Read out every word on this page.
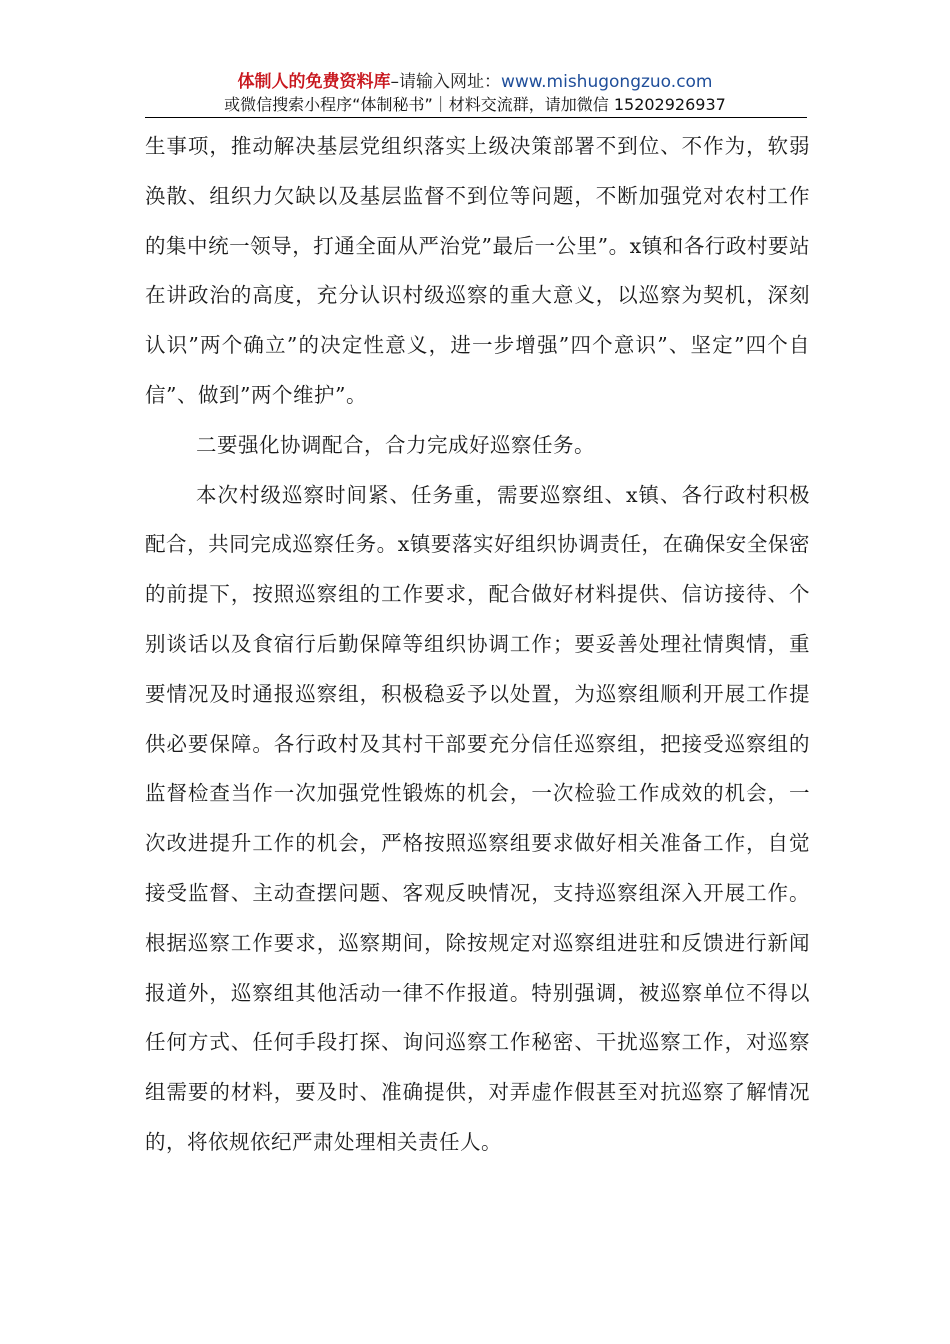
体制人的免费资料库–请输入网址：www.mishugongzuo.com
或微信搜索小程序“体制秘书”｜材料交流群，请加微信 15202926937

生事项，推动解决基层党组织落实上级决策部署不到位、不作为，软弱涣散、组织力欠缺以及基层监督不到位等问题，不断加强党对农村工作的集中统一领导，打通全面从严治党”最后一公里”。x镇和各行政村要站在讲政治的高度，充分认识村级巡察的重大意义，以巡察为契机，深刻认识”两个确立”的决定性意义，进一步增强”四个意识”、坚定”四个自信”、做到”两个维护”。

二要强化协调配合，合力完成好巡察任务。

本次村级巡察时间紧、任务重，需要巡察组、x镇、各行政村积极配合，共同完成巡察任务。x镇要落实好组织协调责任，在确保安全保密的前提下，按照巡察组的工作要求，配合做好材料提供、信访接待、个别谈话以及食宿行后勤保障等组织协调工作；要妥善处理社情舆情，重要情况及时通报巡察组，积极稳妥予以处置，为巡察组顺利开展工作提供必要保障。各行政村及其村干部要充分信任巡察组，把接受巡察组的监督检查当作一次加强党性锻炼的机会，一次检验工作成效的机会，一次改进提升工作的机会，严格按照巡察组要求做好相关准备工作，自觉接受监督、主动查摆问题、客观反映情况，支持巡察组深入开展工作。根据巡察工作要求，巡察期间，除按规定对巡察组进驻和反馈进行新闻报道外，巡察组其他活动一律不作报道。特别强调，被巡察单位不得以任何方式、任何手段打探、询问巡察工作秘密、干扰巡察工作，对巡察组需要的材料，要及时、准确提供，对弄虚作假甚至对抗巡察了解情况的，将依规依纪严肃处理相关责任人。
